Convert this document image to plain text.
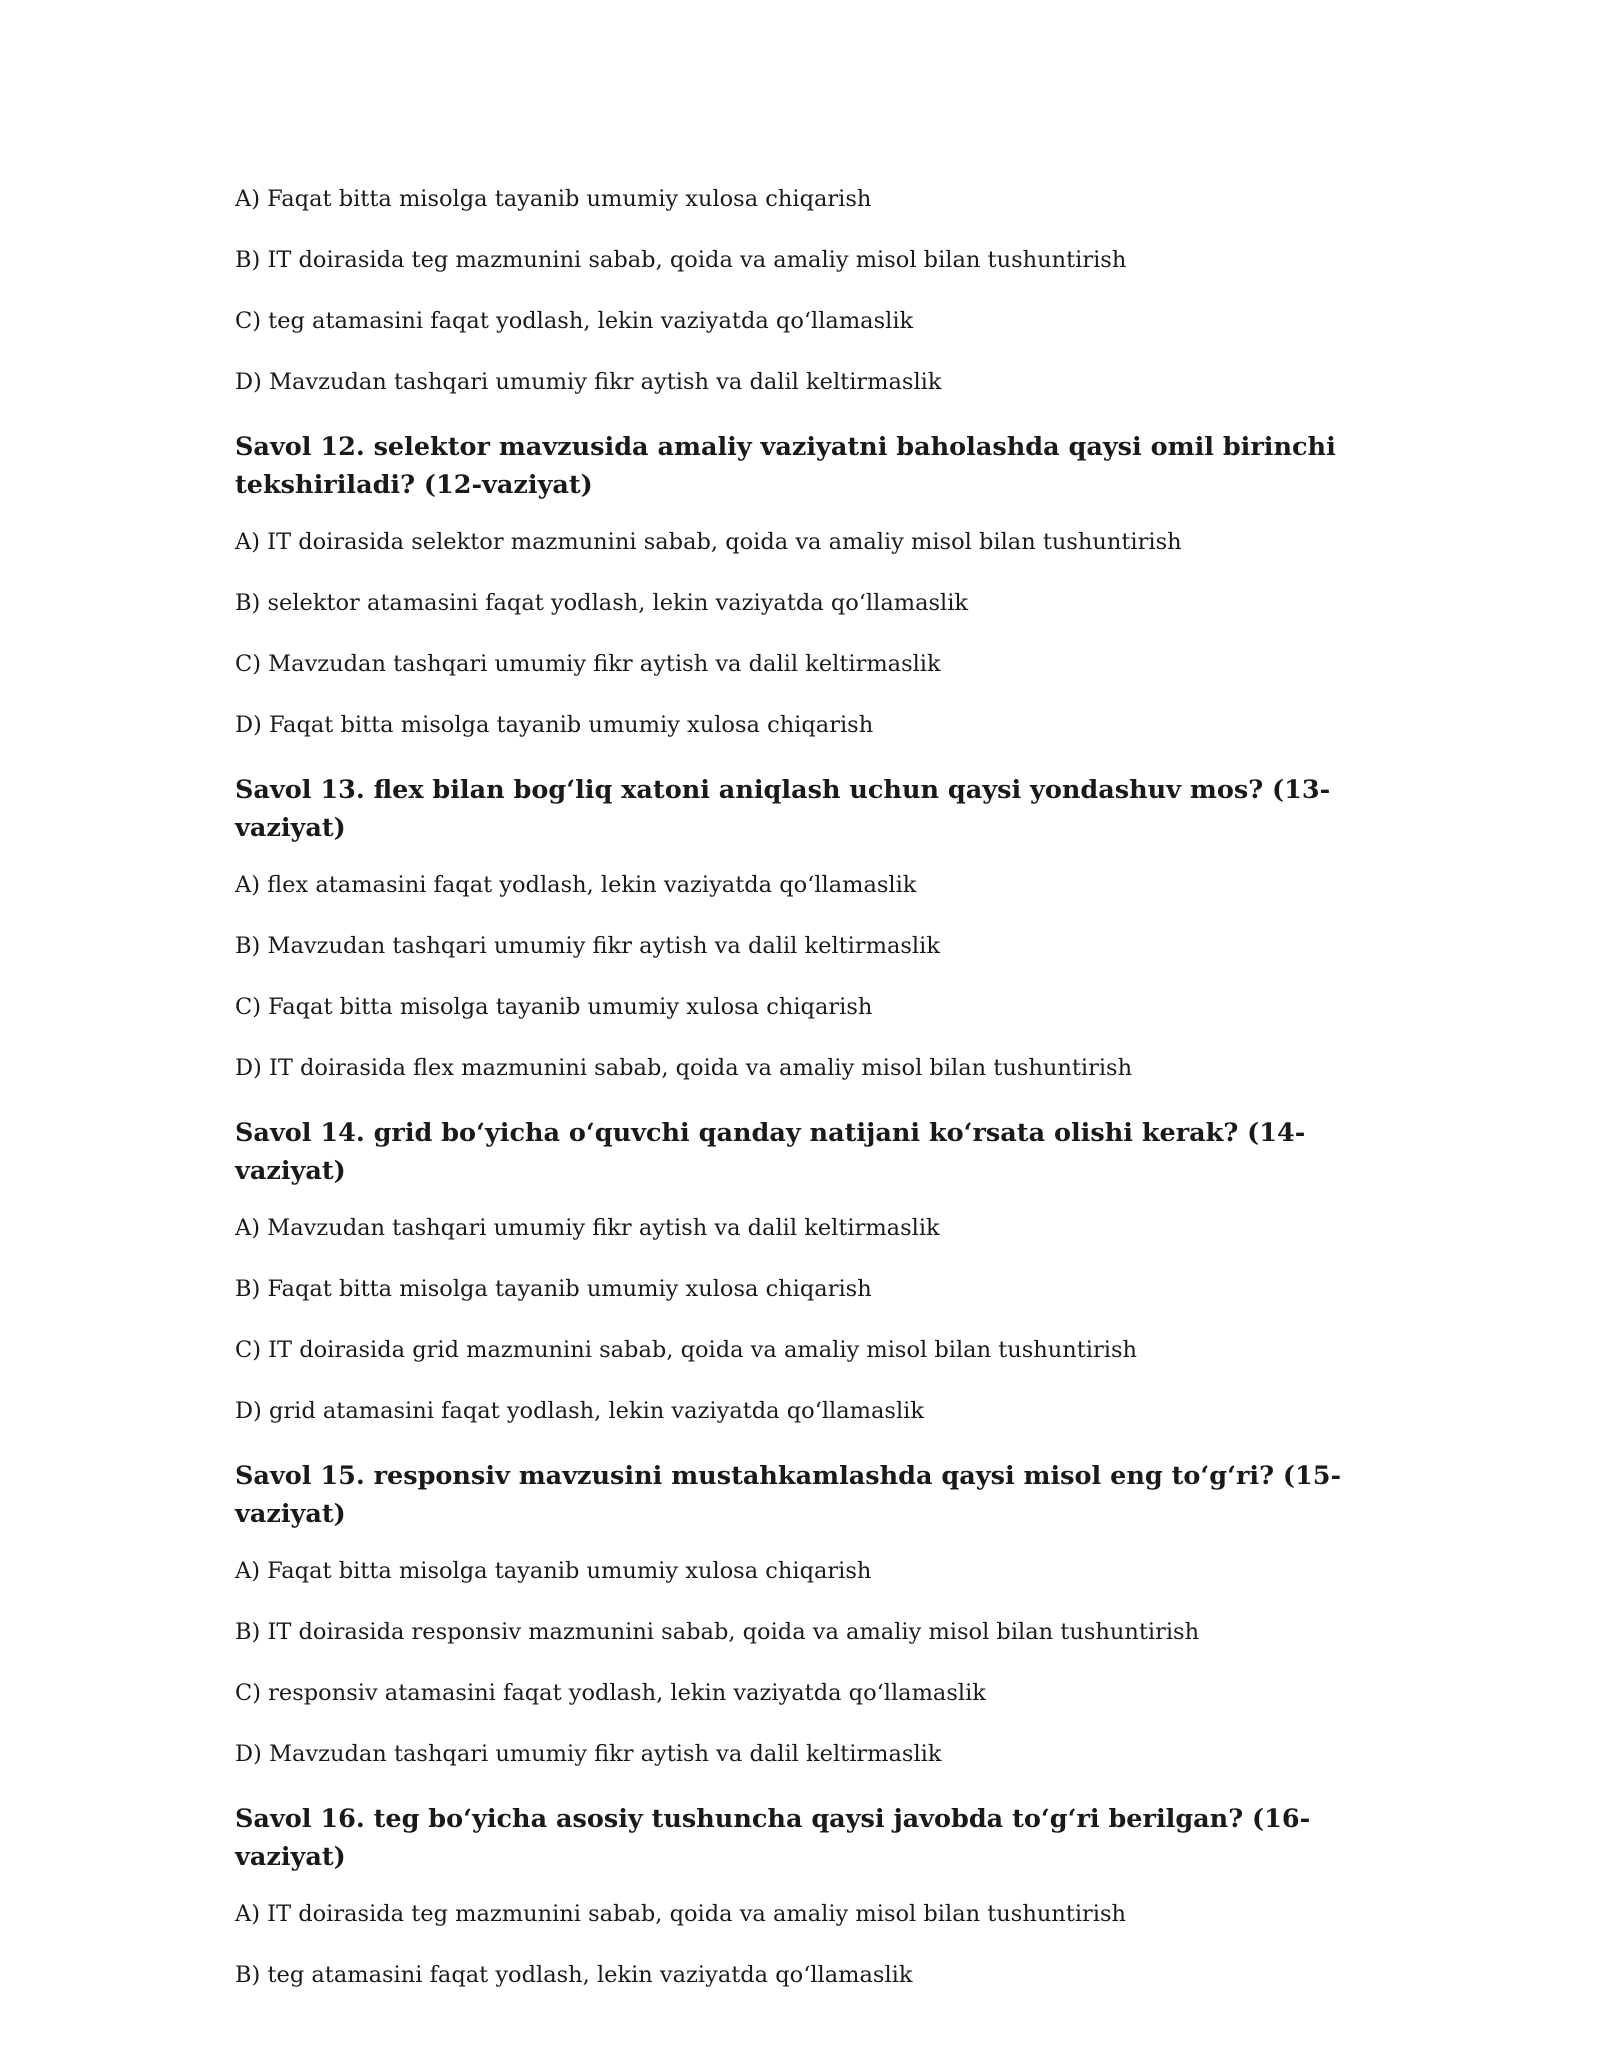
A) Faqat bitta misolga tayanib umumiy xulosa chiqarish
B) IT doirasida teg mazmunini sabab, qoida va amaliy misol bilan tushuntirish
C) teg atamasini faqat yodlash, lekin vaziyatda qo‘llamaslik
D) Mavzudan tashqari umumiy fikr aytish va dalil keltirmaslik
Savol 12. selektor mavzusida amaliy vaziyatni baholashda qaysi omil birinchi tekshiriladi? (12-vaziyat)
A) IT doirasida selektor mazmunini sabab, qoida va amaliy misol bilan tushuntirish
B) selektor atamasini faqat yodlash, lekin vaziyatda qo‘llamaslik
C) Mavzudan tashqari umumiy fikr aytish va dalil keltirmaslik
D) Faqat bitta misolga tayanib umumiy xulosa chiqarish
Savol 13. flex bilan bog‘liq xatoni aniqlash uchun qaysi yondashuv mos? (13-vaziyat)
A) flex atamasini faqat yodlash, lekin vaziyatda qo‘llamaslik
B) Mavzudan tashqari umumiy fikr aytish va dalil keltirmaslik
C) Faqat bitta misolga tayanib umumiy xulosa chiqarish
D) IT doirasida flex mazmunini sabab, qoida va amaliy misol bilan tushuntirish
Savol 14. grid bo‘yicha o‘quvchi qanday natijani ko‘rsata olishi kerak? (14-vaziyat)
A) Mavzudan tashqari umumiy fikr aytish va dalil keltirmaslik
B) Faqat bitta misolga tayanib umumiy xulosa chiqarish
C) IT doirasida grid mazmunini sabab, qoida va amaliy misol bilan tushuntirish
D) grid atamasini faqat yodlash, lekin vaziyatda qo‘llamaslik
Savol 15. responsiv mavzusini mustahkamlashda qaysi misol eng to‘g‘ri? (15-vaziyat)
A) Faqat bitta misolga tayanib umumiy xulosa chiqarish
B) IT doirasida responsiv mazmunini sabab, qoida va amaliy misol bilan tushuntirish
C) responsiv atamasini faqat yodlash, lekin vaziyatda qo‘llamaslik
D) Mavzudan tashqari umumiy fikr aytish va dalil keltirmaslik
Savol 16. teg bo‘yicha asosiy tushuncha qaysi javobda to‘g‘ri berilgan? (16-vaziyat)
A) IT doirasida teg mazmunini sabab, qoida va amaliy misol bilan tushuntirish
B) teg atamasini faqat yodlash, lekin vaziyatda qo‘llamaslik
